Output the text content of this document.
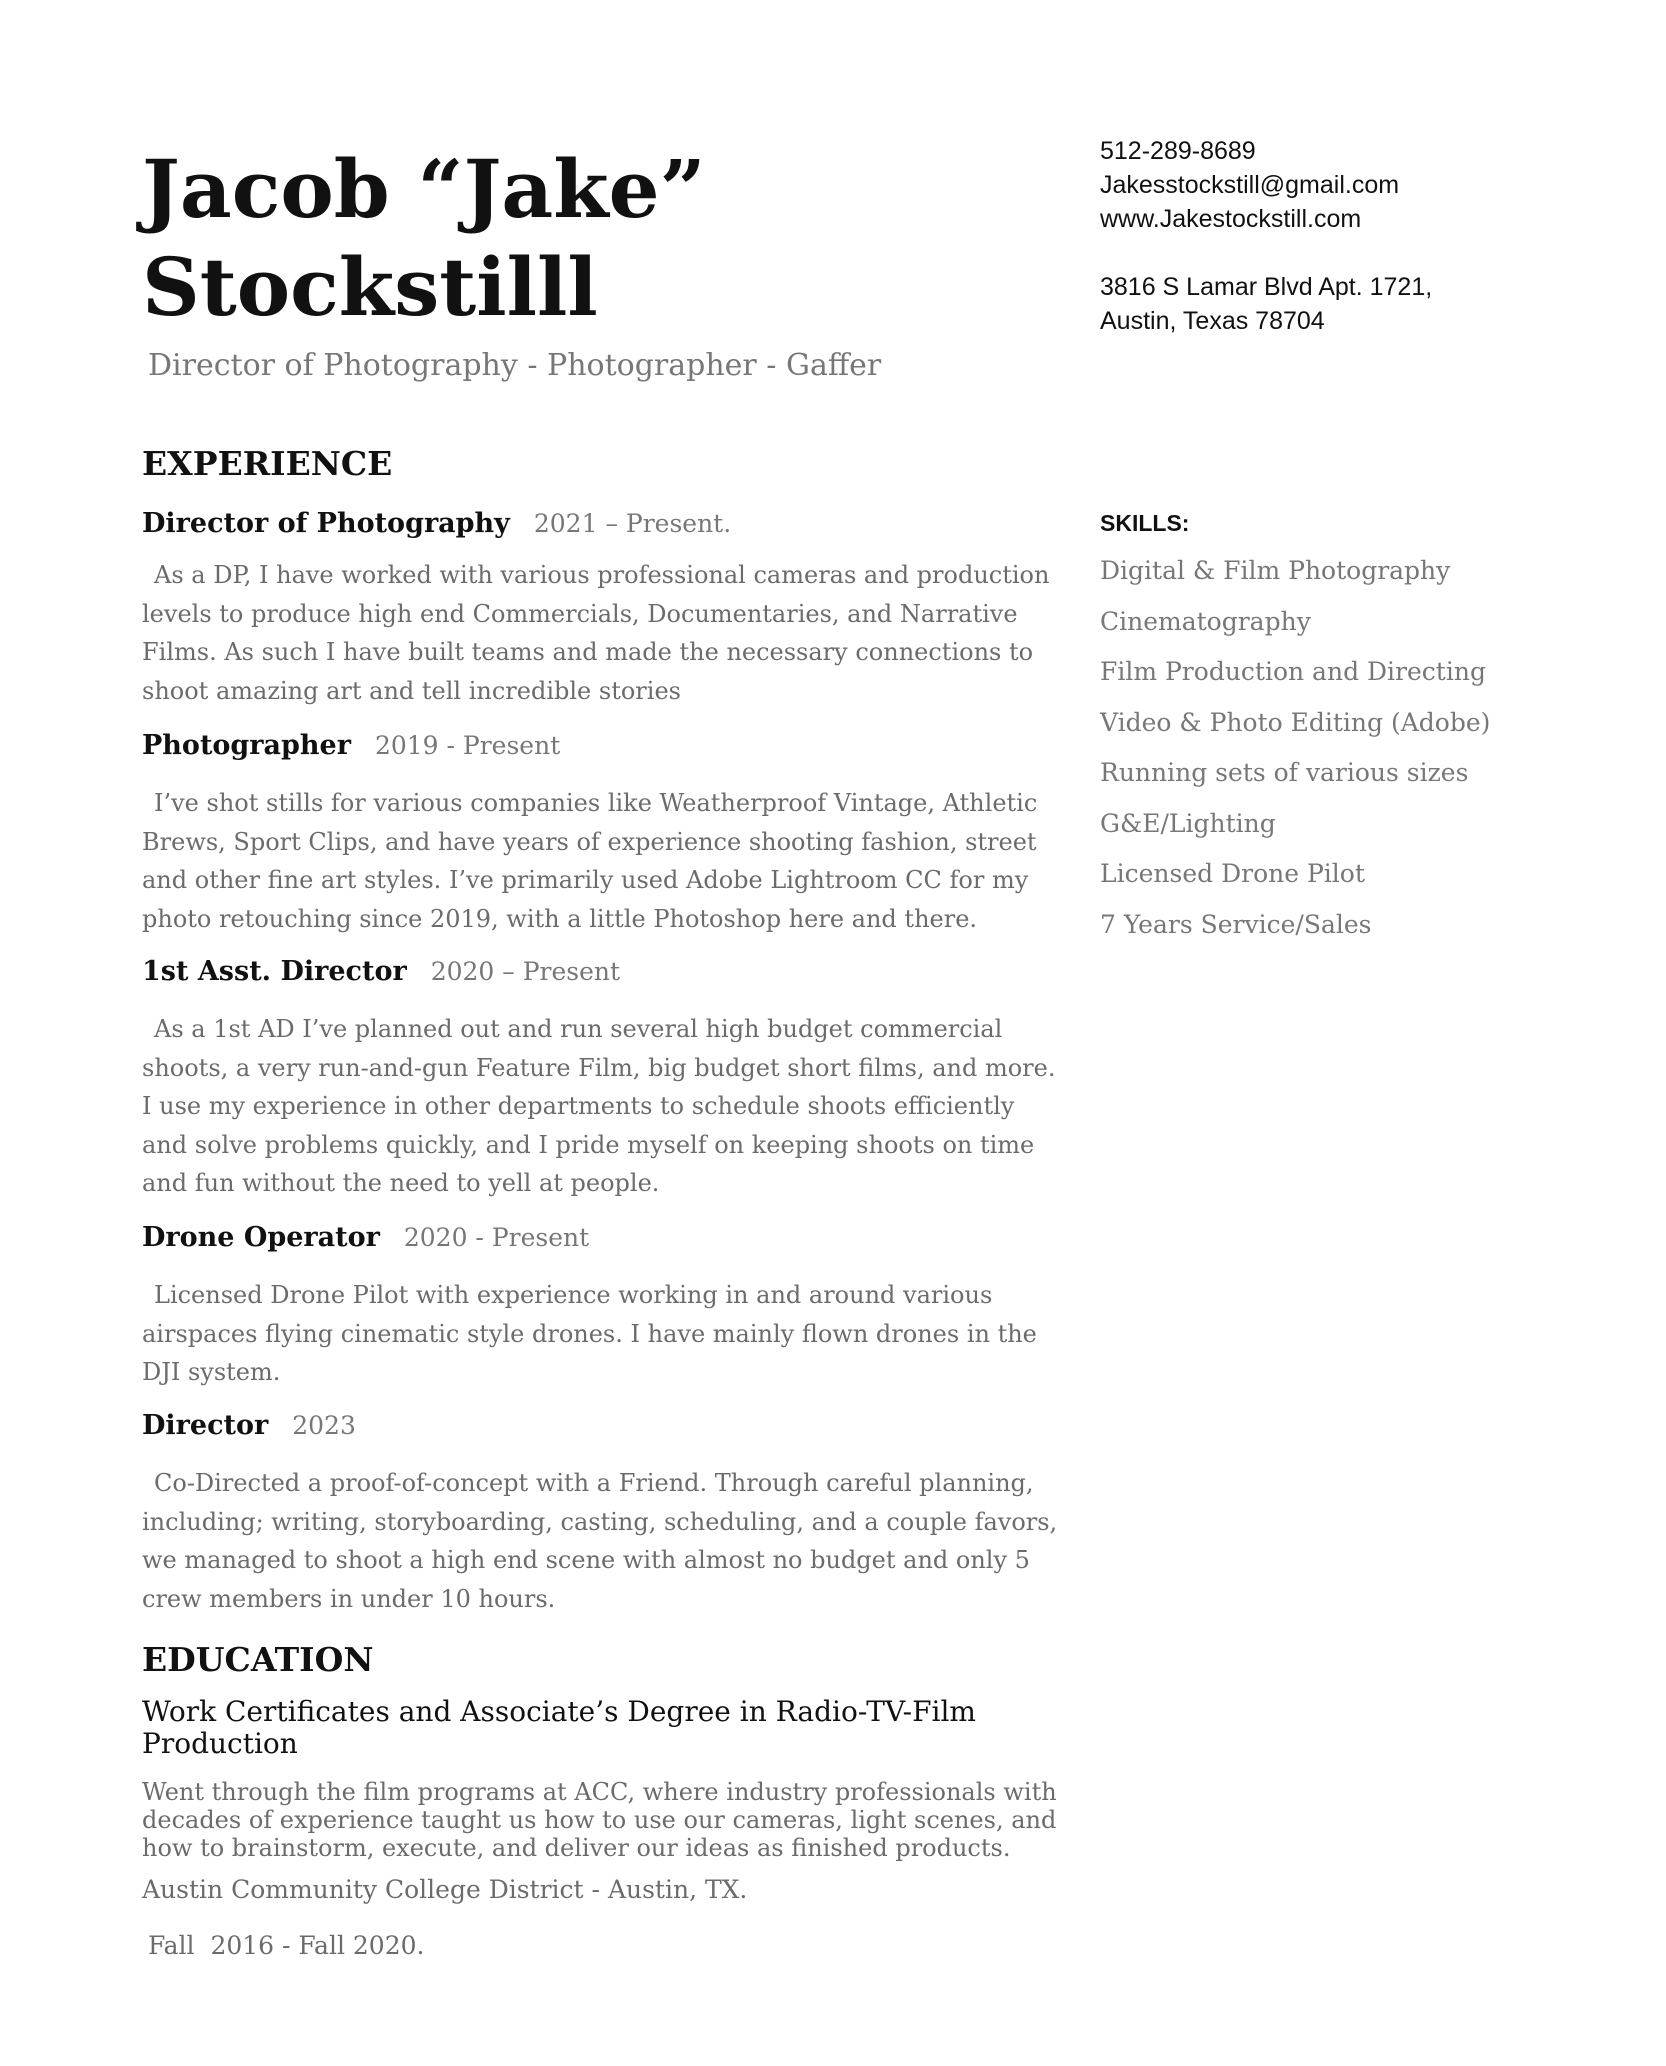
Jacob “Jake”
Stockstilll
Director of Photography - Photographer - Gaffer
512-289-8689
Jakesstockstill@gmail.com
www.Jakestockstill.com
3816 S Lamar Blvd Apt. 1721,
Austin, Texas 78704
SKILLS:
Digital & Film Photography
Cinematography
Film Production and Directing
Video & Photo Editing (Adobe)
Running sets of various sizes
G&E/Lighting
Licensed Drone Pilot
7 Years Service/Sales
EXPERIENCE
Director of Photography 2021 – Present.
As a DP, I have worked with various professional cameras and production
levels to produce high end Commercials, Documentaries, and Narrative
Films. As such I have built teams and made the necessary connections to
shoot amazing art and tell incredible stories
Photographer 2019 - Present
I’ve shot stills for various companies like Weatherproof Vintage, Athletic
Brews, Sport Clips, and have years of experience shooting fashion, street
and other fine art styles. I’ve primarily used Adobe Lightroom CC for my
photo retouching since 2019, with a little Photoshop here and there.
1st Asst. Director 2020 – Present
As a 1st AD I’ve planned out and run several high budget commercial
shoots, a very run-and-gun Feature Film, big budget short films, and more.
I use my experience in other departments to schedule shoots efficiently
and solve problems quickly, and I pride myself on keeping shoots on time
and fun without the need to yell at people.
Drone Operator 2020 - Present
Licensed Drone Pilot with experience working in and around various
airspaces flying cinematic style drones. I have mainly flown drones in the
DJI system.
Director 2023
Co-Directed a proof-of-concept with a Friend. Through careful planning,
including; writing, storyboarding, casting, scheduling, and a couple favors,
we managed to shoot a high end scene with almost no budget and only 5
crew members in under 10 hours.
EDUCATION
Work Certificates and Associate’s Degree in Radio-TV-Film
Production
Went through the film programs at ACC, where industry professionals with
decades of experience taught us how to use our cameras, light scenes, and
how to brainstorm, execute, and deliver our ideas as finished products.
Austin Community College District - Austin, TX.
Fall  2016 - Fall 2020.
